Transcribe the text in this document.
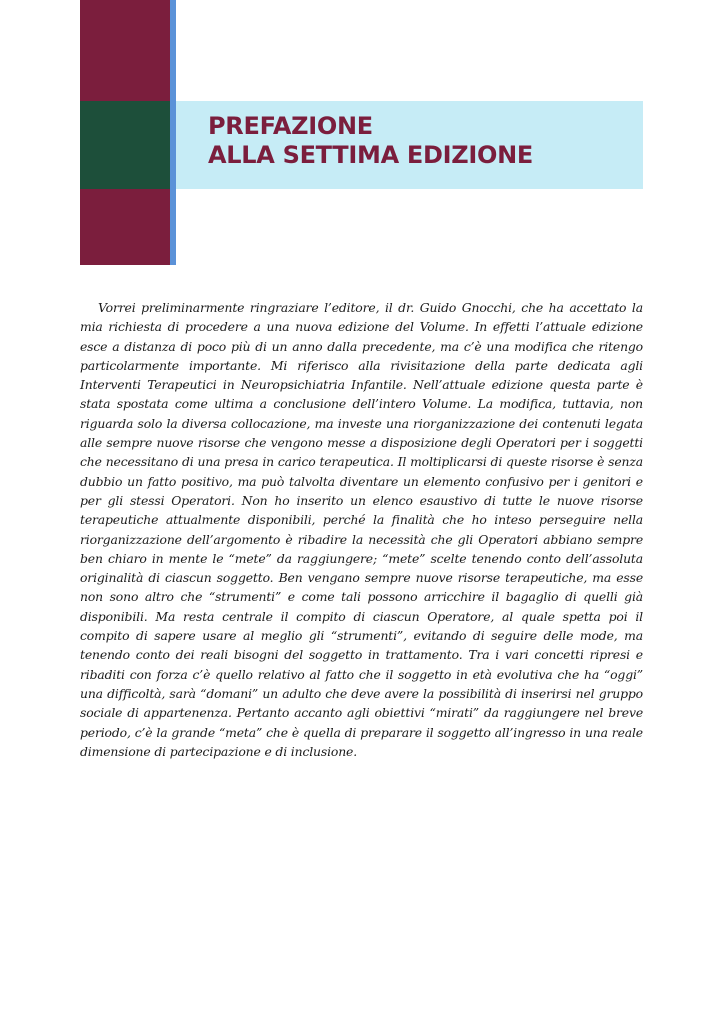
PREFAZIONE
ALLA SETTIMA EDIZIONE

Vorrei preliminarmente ringraziare l’editore, il dr. Guido Gnocchi, che ha accettato la mia richiesta di procedere a una nuova edizione del Volume. In effetti l’attuale edizione esce a distanza di poco più di un anno dalla precedente, ma c’è una modifica che ritengo particolarmente importante. Mi riferisco alla rivisitazione della parte dedicata agli Interventi Terapeutici in Neuropsichiatria Infantile. Nell’attuale edizione questa parte è stata spostata come ultima a conclusione dell’intero Volume. La modifica, tuttavia, non riguarda solo la diversa collocazione, ma investe una riorganizzazione dei contenuti legata alle sempre nuove risorse che vengono messe a disposizione degli Operatori per i soggetti che necessitano di una presa in carico terapeutica. Il moltiplicarsi di queste risorse è senza dubbio un fatto positivo, ma può talvolta diventare un elemento confusivo per i genitori e per gli stessi Operatori. Non ho inserito un elenco esaustivo di tutte le nuove risorse terapeutiche attualmente disponibili, perché la finalità che ho inteso perseguire nella riorganizzazione dell’argomento è ribadire la necessità che gli Operatori abbiano sempre ben chiaro in mente le “mete” da raggiungere; “mete” scelte tenendo conto dell’assoluta originalità di ciascun soggetto. Ben vengano sempre nuove risorse terapeutiche, ma esse non sono altro che “strumenti” e come tali possono arricchire il bagaglio di quelli già disponibili. Ma resta centrale il compito di ciascun Operatore, al quale spetta poi il compito di sapere usare al meglio gli “strumenti”, evitando di seguire delle mode, ma tenendo conto dei reali bisogni del soggetto in trattamento. Tra i vari concetti ripresi e ribaditi con forza c’è quello relativo al fatto che il soggetto in età evolutiva che ha “oggi” una difficoltà, sarà “domani” un adulto che deve avere la possibilità di inserirsi nel gruppo sociale di appartenenza. Pertanto accanto agli obiettivi “mirati” da raggiungere nel breve periodo, c’è la grande “meta” che è quella di preparare il soggetto all’ingresso in una reale dimensione di partecipazione e di inclusione.
